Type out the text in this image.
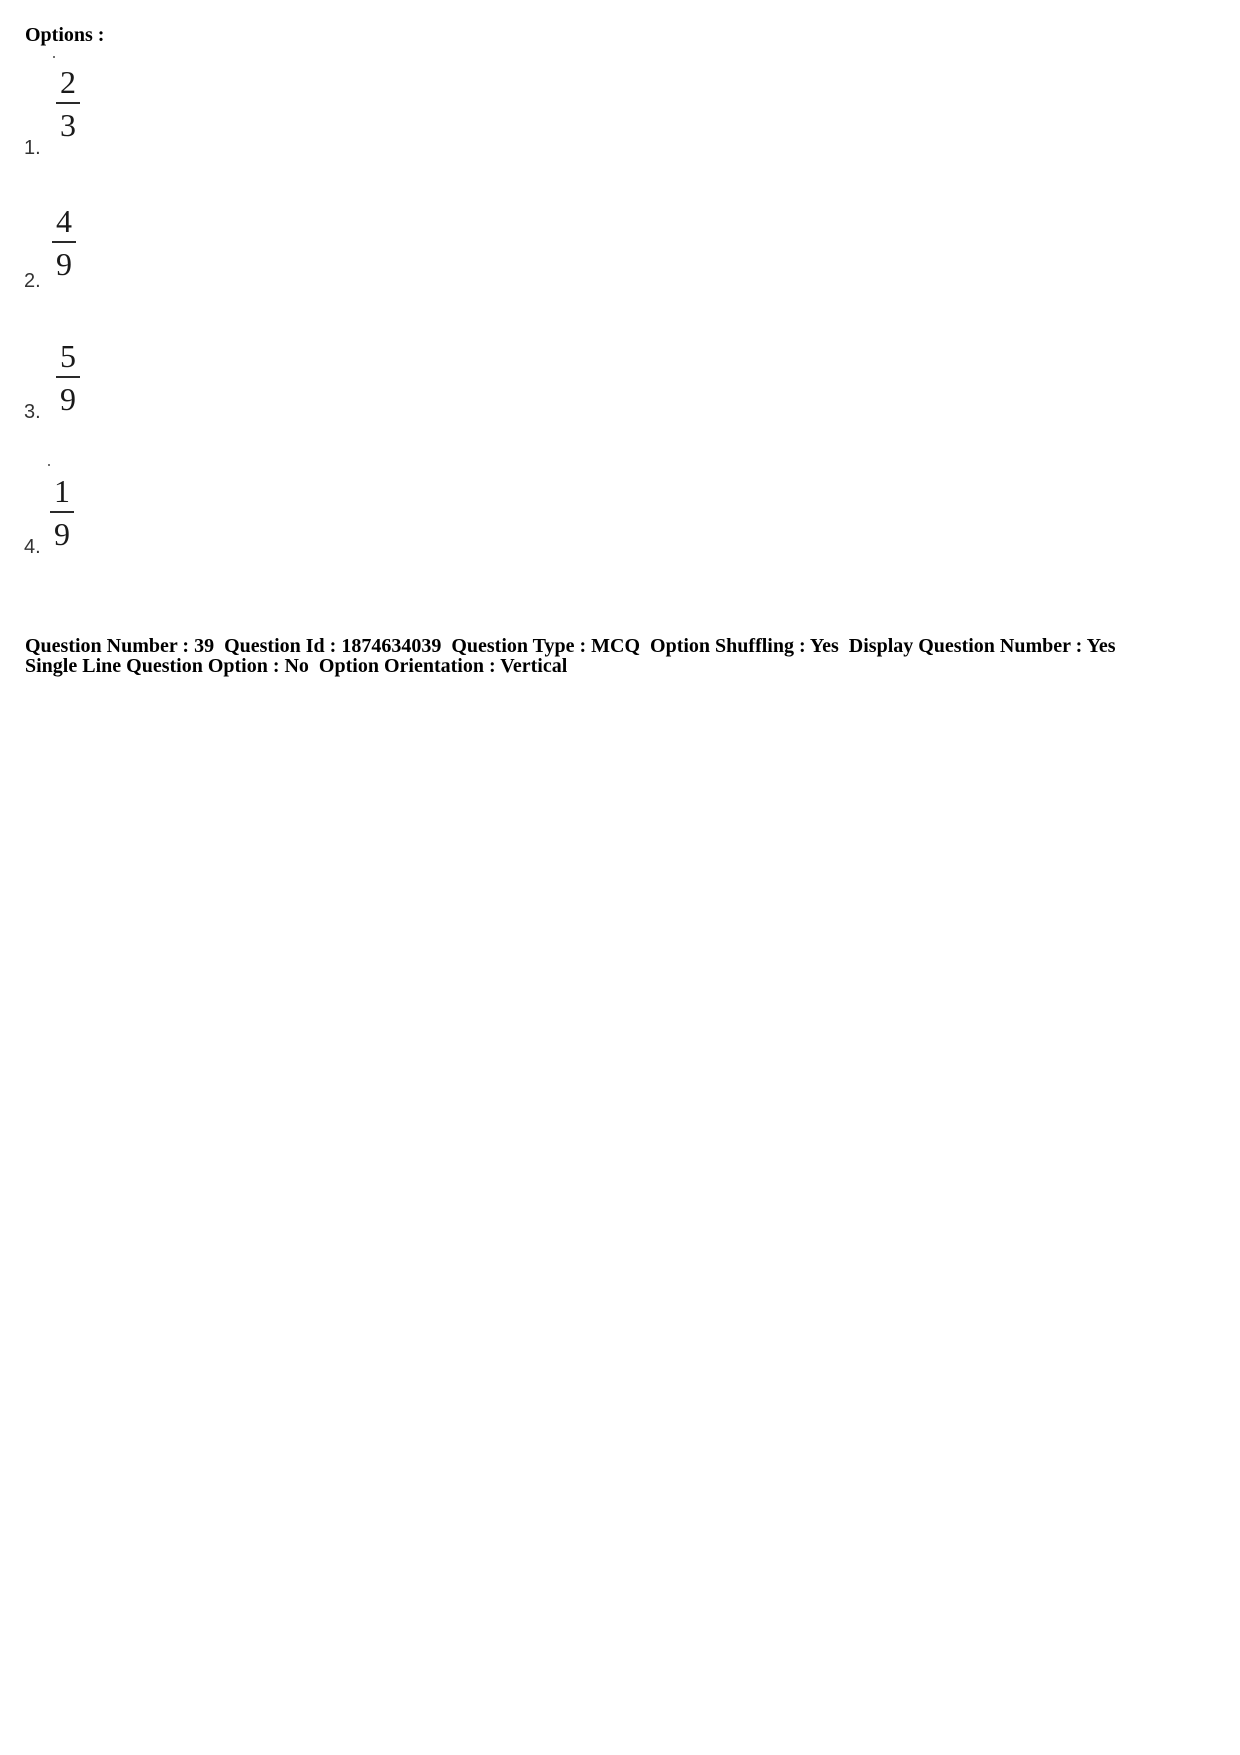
Options :
2
3
1.
4
9
2.
5
9
3.
1
9
4.

Question Number : 39  Question Id : 1874634039  Question Type : MCQ  Option Shuffling : Yes  Display Question Number : Yes

Single Line Question Option : No  Option Orientation : Vertical
